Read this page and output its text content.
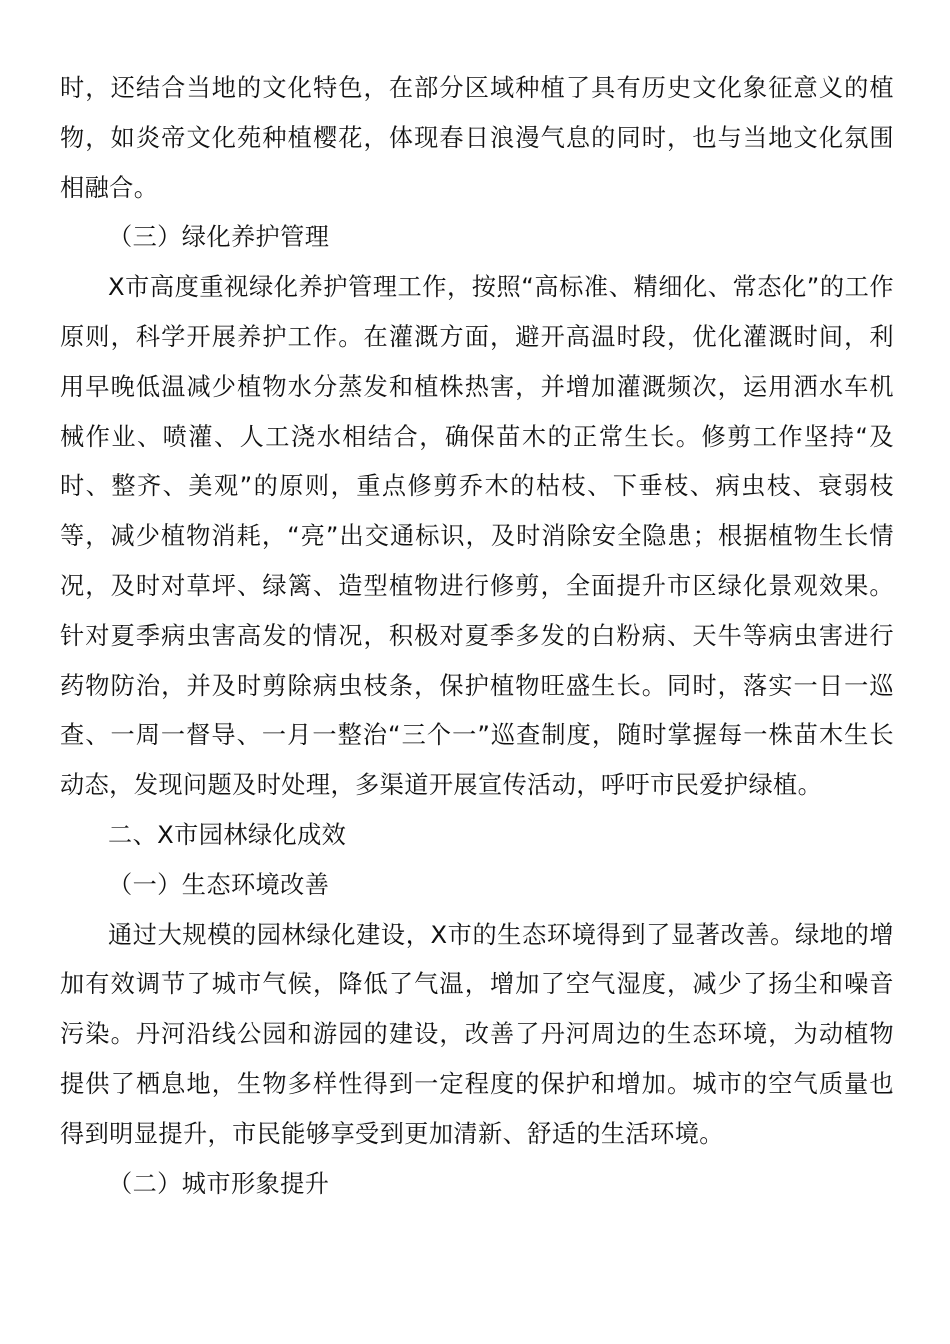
时，还结合当地的文化特色，在部分区域种植了具有历史文化象征意义的植物，如炎帝文化苑种植樱花，体现春日浪漫气息的同时，也与当地文化氛围相融合。

（三）绿化养护管理

X市高度重视绿化养护管理工作，按照“高标准、精细化、常态化”的工作原则，科学开展养护工作。在灌溉方面，避开高温时段，优化灌溉时间，利用早晚低温减少植物水分蒸发和植株热害，并增加灌溉频次，运用洒水车机械作业、喷灌、人工浇水相结合，确保苗木的正常生长。修剪工作坚持“及时、整齐、美观”的原则，重点修剪乔木的枯枝、下垂枝、病虫枝、衰弱枝等，减少植物消耗，“亮”出交通标识，及时消除安全隐患；根据植物生长情况，及时对草坪、绿篱、造型植物进行修剪，全面提升市区绿化景观效果。针对夏季病虫害高发的情况，积极对夏季多发的白粉病、天牛等病虫害进行药物防治，并及时剪除病虫枝条，保护植物旺盛生长。同时，落实一日一巡查、一周一督导、一月一整治“三个一”巡查制度，随时掌握每一株苗木生长动态，发现问题及时处理，多渠道开展宣传活动，呼吁市民爱护绿植。

二、X市园林绿化成效

（一）生态环境改善

通过大规模的园林绿化建设，X市的生态环境得到了显著改善。绿地的增加有效调节了城市气候，降低了气温，增加了空气湿度，减少了扬尘和噪音污染。丹河沿线公园和游园的建设，改善了丹河周边的生态环境，为动植物提供了栖息地，生物多样性得到一定程度的保护和增加。城市的空气质量也得到明显提升，市民能够享受到更加清新、舒适的生活环境。

（二）城市形象提升
